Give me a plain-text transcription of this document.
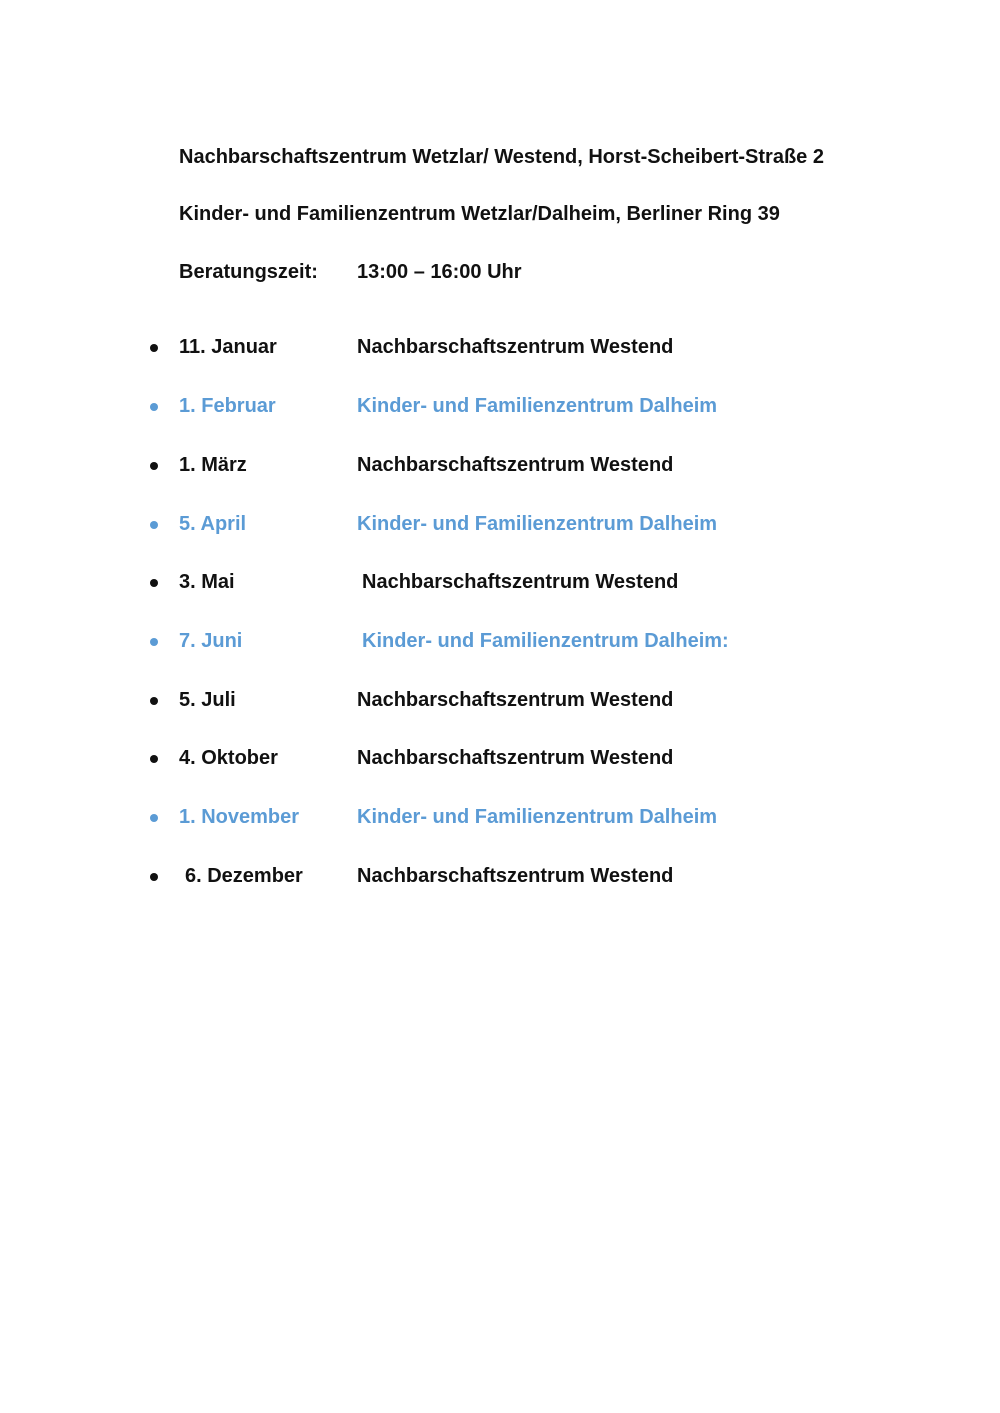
Nachbarschaftszentrum Wetzlar/ Westend, Horst-Scheibert-Straße 2
Kinder- und Familienzentrum Wetzlar/Dalheim, Berliner Ring 39
Beratungszeit: 13:00 – 16:00 Uhr
11. Januar	Nachbarschaftszentrum Westend
1. Februar	Kinder- und Familienzentrum Dalheim
1. März	Nachbarschaftszentrum Westend
5. April	Kinder- und Familienzentrum Dalheim
3. Mai	Nachbarschaftszentrum Westend
7. Juni	Kinder- und Familienzentrum Dalheim:
5. Juli	Nachbarschaftszentrum Westend
4. Oktober	Nachbarschaftszentrum Westend
1. November	Kinder- und Familienzentrum Dalheim
6. Dezember	Nachbarschaftszentrum Westend
